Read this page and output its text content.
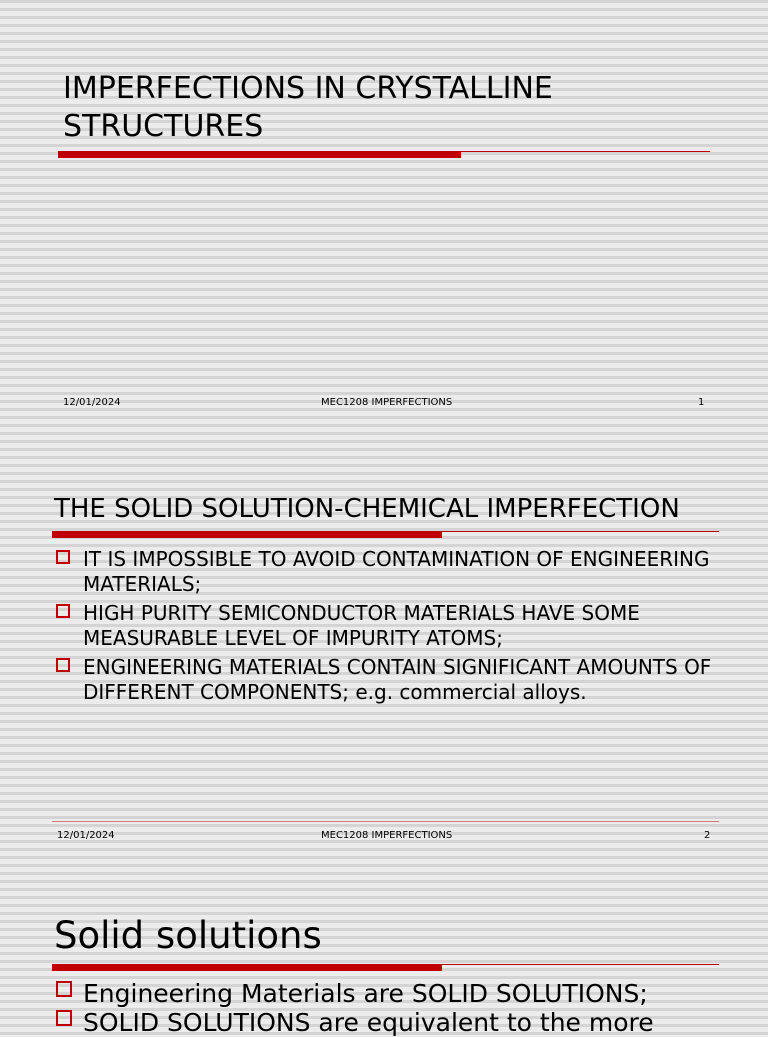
IMPERFECTIONS IN CRYSTALLINE STRUCTURES
12/01/2024	MEC1208 IMPERFECTIONS	1
THE SOLID SOLUTION-CHEMICAL IMPERFECTION
IT IS IMPOSSIBLE TO AVOID CONTAMINATION OF ENGINEERING MATERIALS;
HIGH PURITY SEMICONDUCTOR MATERIALS HAVE SOME MEASURABLE LEVEL OF IMPURITY ATOMS;
ENGINEERING MATERIALS CONTAIN SIGNIFICANT AMOUNTS OF DIFFERENT COMPONENTS; e.g. commercial alloys.
12/01/2024	MEC1208 IMPERFECTIONS	2
Solid solutions
Engineering Materials are SOLID SOLUTIONS;
SOLID SOLUTIONS are equivalent to the more
